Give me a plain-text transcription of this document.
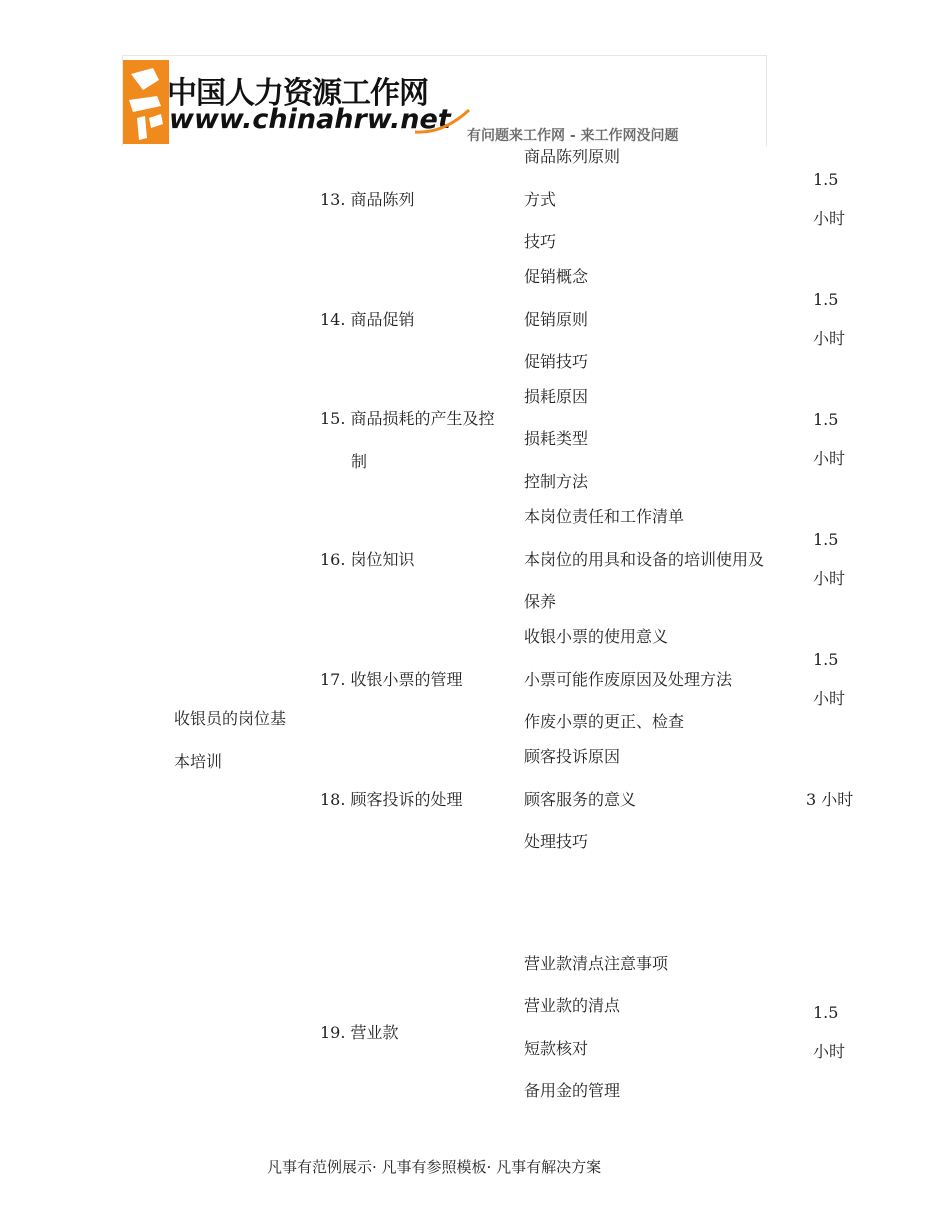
中国人力资源工作网
www.chinahrw.net
有问题来工作网 - 来工作网没问题
收银员的岗位基
本培训
13. 商品陈列
商品陈列原则
方式
技巧
1.5
小时
14. 商品促销
促销概念
促销原则
促销技巧
1.5
小时
15. 商品损耗的产生及控
制
损耗原因
损耗类型
控制方法
1.5
小时
16. 岗位知识
本岗位责任和工作清单
本岗位的用具和设备的培训使用及
保养
1.5
小时
17. 收银小票的管理
收银小票的使用意义
小票可能作废原因及处理方法
作废小票的更正、检查
1.5
小时
18. 顾客投诉的处理
顾客投诉原因
顾客服务的意义
处理技巧
3 小时
19. 营业款
营业款清点注意事项
营业款的清点
短款核对
备用金的管理
1.5
小时
凡事有范例展示· 凡事有参照模板· 凡事有解决方案
